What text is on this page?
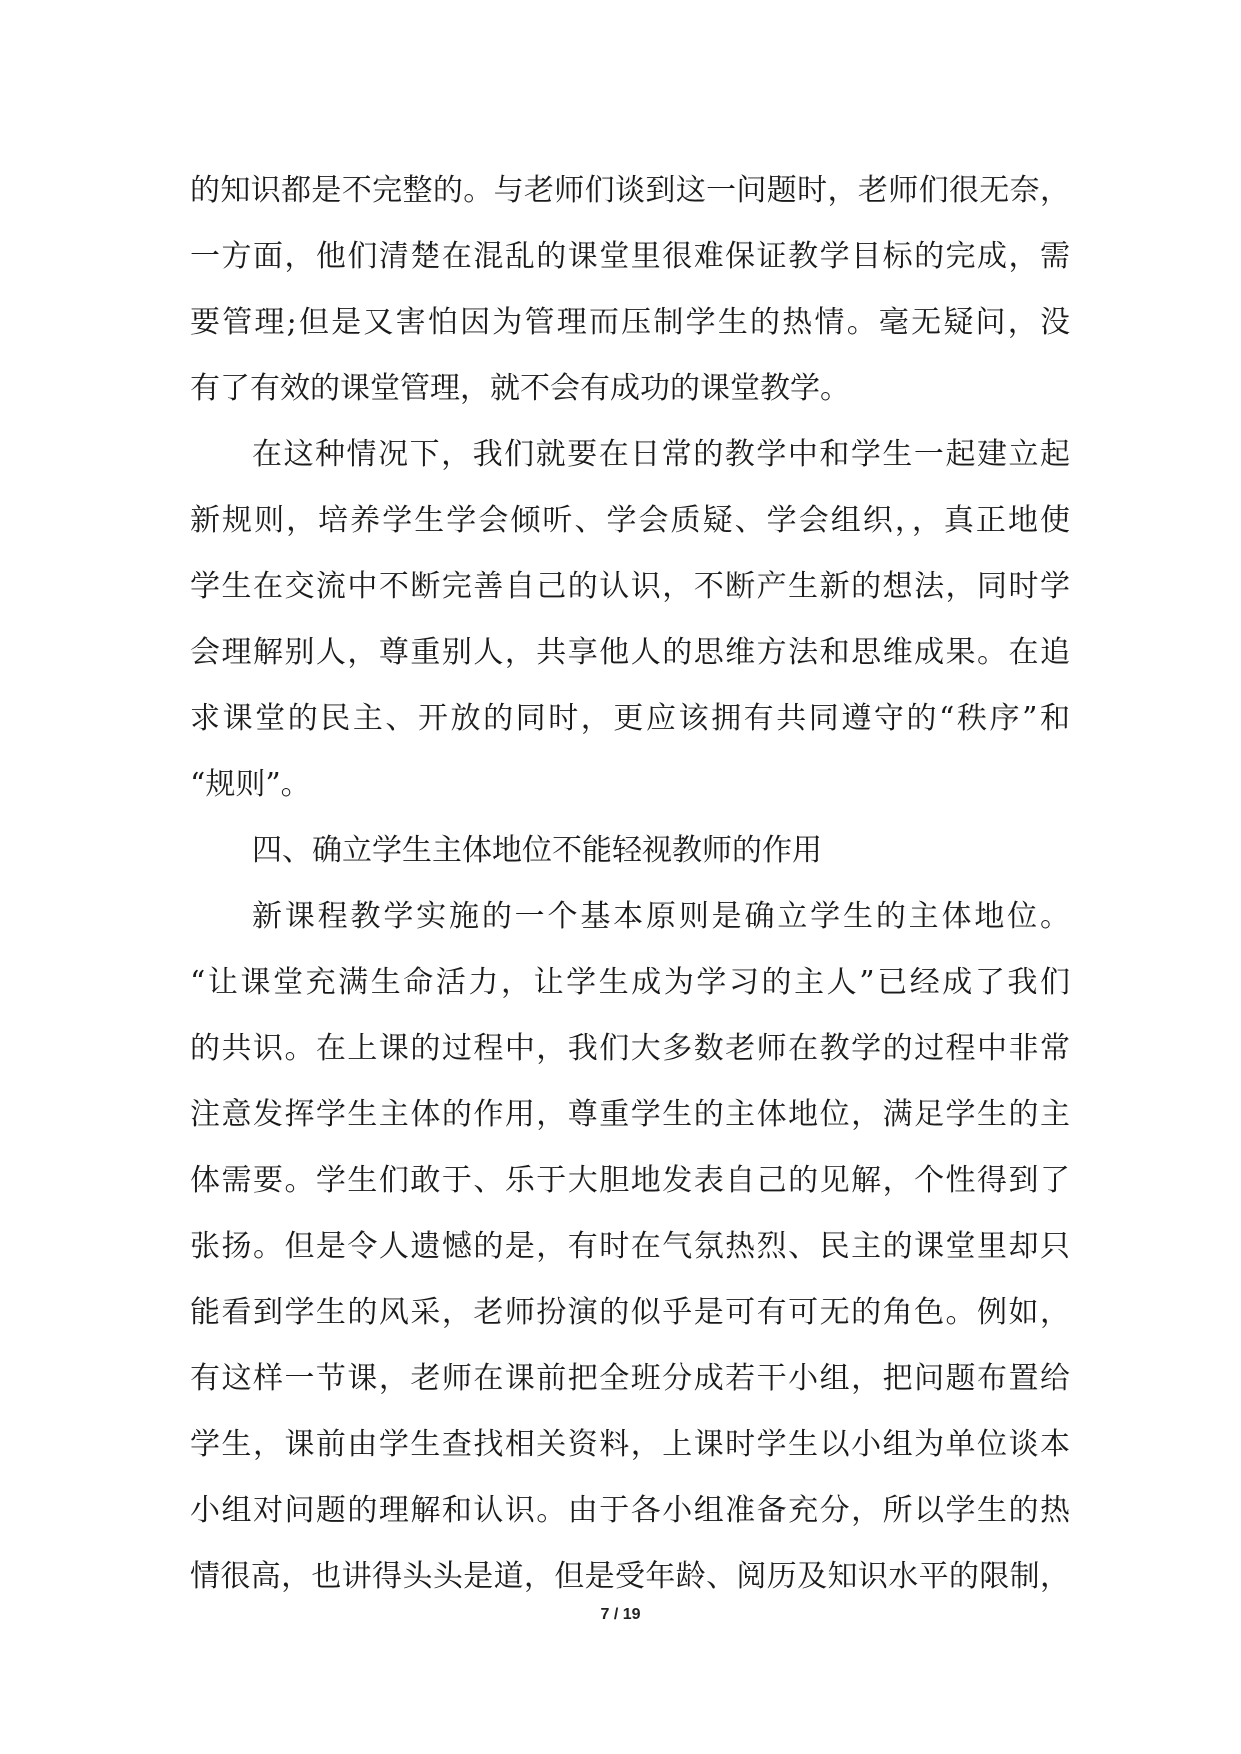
的知识都是不完整的。与老师们谈到这一问题时，老师们很无奈，
一方面，他们清楚在混乱的课堂里很难保证教学目标的完成，需
要管理;但是又害怕因为管理而压制学生的热情。毫无疑问，没
有了有效的课堂管理，就不会有成功的课堂教学。
在这种情况下，我们就要在日常的教学中和学生一起建立起
新规则，培养学生学会倾听、学会质疑、学会组织，，真正地使
学生在交流中不断完善自己的认识，不断产生新的想法，同时学
会理解别人，尊重别人，共享他人的思维方法和思维成果。在追
求课堂的民主、开放的同时，更应该拥有共同遵守的“秩序”和
“规则”。
四、确立学生主体地位不能轻视教师的作用
新课程教学实施的一个基本原则是确立学生的主体地位。
“让课堂充满生命活力，让学生成为学习的主人”已经成了我们
的共识。在上课的过程中，我们大多数老师在教学的过程中非常
注意发挥学生主体的作用，尊重学生的主体地位，满足学生的主
体需要。学生们敢于、乐于大胆地发表自己的见解，个性得到了
张扬。但是令人遗憾的是，有时在气氛热烈、民主的课堂里却只
能看到学生的风采，老师扮演的似乎是可有可无的角色。例如，
有这样一节课，老师在课前把全班分成若干小组，把问题布置给
学生，课前由学生查找相关资料，上课时学生以小组为单位谈本
小组对问题的理解和认识。由于各小组准备充分，所以学生的热
情很高，也讲得头头是道，但是受年龄、阅历及知识水平的限制，
7 / 19
